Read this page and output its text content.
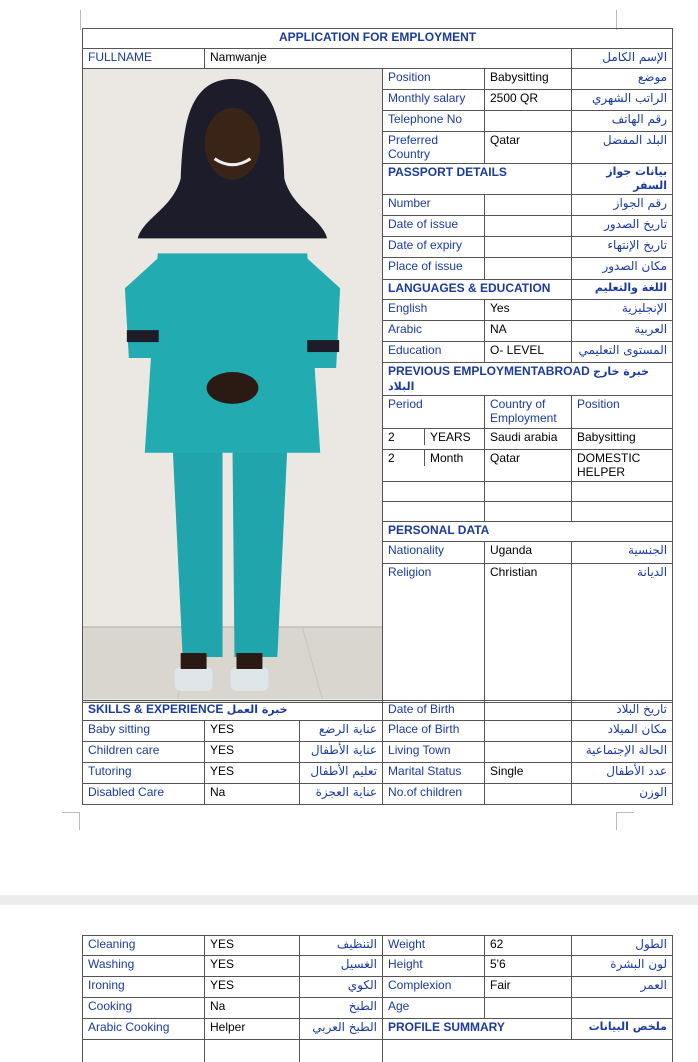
APPLICATION FOR EMPLOYMENT				
FULLNAME	Namwanje			الإسم الكامل

	Position	Babysitting	موضع
		Monthly salary	2500 QR	الراتب الشهري
		Telephone No		رقم الهاتف
		Preferred Country	Qatar	البلد المفضل
		PASSPORT DETAILS		بيانات جواز السفر
		Number		رقم الجواز
		Date of issue		تاريخ الصدور
		Date of expiry		تاريخ الإنتهاء
		Place of issue		مكان الصدور
		LANGUAGES & EDUCATION		اللغة والتعليم
		English	Yes	الإنجليزية
		Arabic	NA	العربية
		Education	O- LEVEL	المستوى التعليمي
		PREVIOUS EMPLOYMENTABROAD خبرة خارج البلاد		
		Period	Country of Employment	Position

		2 YEARS	Saudi arabia	Babysitting

		2 Month	Qatar	DOMESTIC HELPER

		PERSONAL DATA		
		Nationality	Uganda	الجنسية
		Religion	Christian	الديانة
SKILLS & EXPERIENCE خبرة العمل			Date of Birth		تاريخ البلاد
Baby sitting	YES	عناية الرضع	Place of Birth		مكان الميلاد
Children care	YES	عناية الأطفال	Living Town		الحالة الإجتماعية
Tutoring	YES	تعليم الأطفال	Marital Status	Single	عدد الأطفال
Disabled Care	Na	عناية العجزة	No.of children		الوزن
Cleaning	YES	التنظيف	Weight	62	الطول
Washing	YES	الغسيل	Height	5'6	لون البشرة
Ironing	YES	الكوي	Complexion	Fair	العمر
Cooking	Na	الطبخ	Age		
Arabic Cooking	Helper	الطبخ العربي	PROFILE SUMMARY		ملخص البيانات
